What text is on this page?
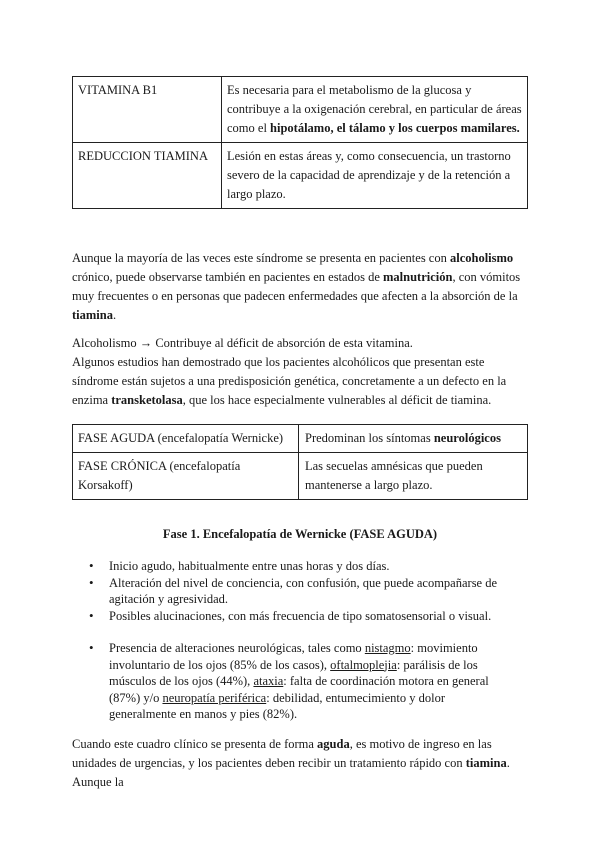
VITAMINA B1	Es necesaria para el metabolismo de la glucosa y contribuye a la oxigenación cerebral, en particular de áreas como el hipotálamo, el tálamo y los cuerpos mamilares.
REDUCCION TIAMINA	Lesión en estas áreas y, como consecuencia, un trastorno severo de la capacidad de aprendizaje y de la retención a largo plazo.

Aunque la mayoría de las veces este síndrome se presenta en pacientes con alcoholismo crónico, puede observarse también en pacientes en estados de malnutrición, con vómitos muy frecuentes o en personas que padecen enfermedades que afecten a la absorción de la tiamina.

Alcoholismo → Contribuye al déficit de absorción de esta vitamina.
Algunos estudios han demostrado que los pacientes alcohólicos que presentan este síndrome están sujetos a una predisposición genética, concretamente a un defecto en la enzima transketolasa, que los hace especialmente vulnerables al déficit de tiamina.

FASE AGUDA (encefalopatía Wernicke)	Predominan los síntomas neurológicos
FASE CRÓNICA (encefalopatía Korsakoff)	Las secuelas amnésicas que pueden mantenerse a largo plazo.

Fase 1. Encefalopatía de Wernicke (FASE AGUDA)

• Inicio agudo, habitualmente entre unas horas y dos días.
• Alteración del nivel de conciencia, con confusión, que puede acompañarse de agitación y agresividad.
• Posibles alucinaciones, con más frecuencia de tipo somatosensorial o visual.
• Presencia de alteraciones neurológicas, tales como nistagmo: movimiento involuntario de los ojos (85% de los casos), oftalmoplejia: parálisis de los músculos de los ojos (44%), ataxia: falta de coordinación motora en general (87%) y/o neuropatía periférica: debilidad, entumecimiento y dolor generalmente en manos y pies (82%).

Cuando este cuadro clínico se presenta de forma aguda, es motivo de ingreso en las unidades de urgencias, y los pacientes deben recibir un tratamiento rápido con tiamina. Aunque la
